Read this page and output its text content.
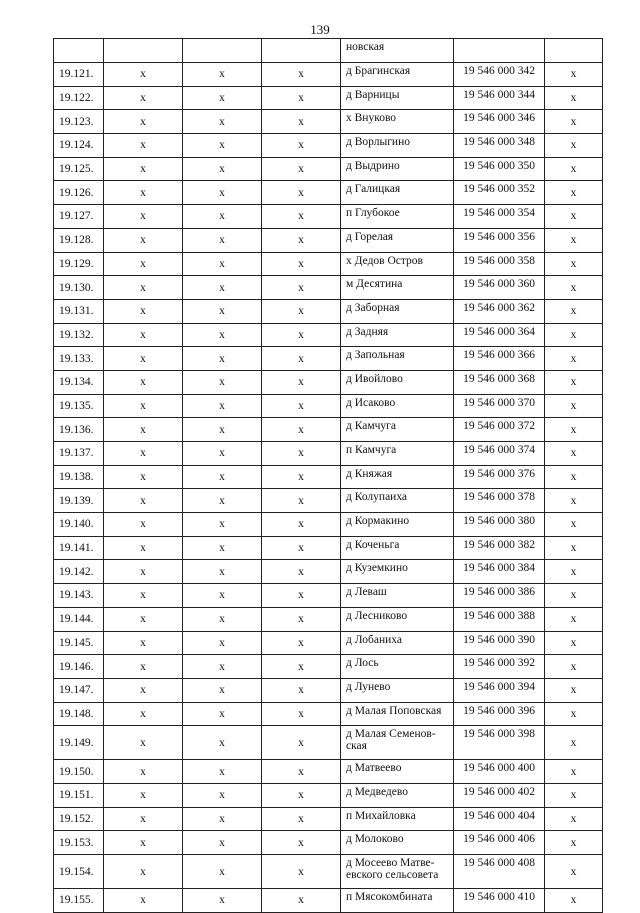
139
				новская		
19.121.	х	х	х	д Брагинская	19 546 000 342	х
19.122.	х	х	х	д Варницы	19 546 000 344	х
19.123.	х	х	х	х Внуково	19 546 000 346	х
19.124.	х	х	х	д Ворлыгино	19 546 000 348	х
19.125.	х	х	х	д Выдрино	19 546 000 350	х
19.126.	х	х	х	д Галицкая	19 546 000 352	х
19.127.	х	х	х	п Глубокое	19 546 000 354	х
19.128.	х	х	х	д Горелая	19 546 000 356	х
19.129.	х	х	х	х Дедов Остров	19 546 000 358	х
19.130.	х	х	х	м Десятина	19 546 000 360	х
19.131.	х	х	х	д Заборная	19 546 000 362	х
19.132.	х	х	х	д Задняя	19 546 000 364	х
19.133.	х	х	х	д Запольная	19 546 000 366	х
19.134.	х	х	х	д Ивойлово	19 546 000 368	х
19.135.	х	х	х	д Исаково	19 546 000 370	х
19.136.	х	х	х	д Камчуга	19 546 000 372	х
19.137.	х	х	х	п Камчуга	19 546 000 374	х
19.138.	х	х	х	д Княжая	19 546 000 376	х
19.139.	х	х	х	д Колупаиха	19 546 000 378	х
19.140.	х	х	х	д Кормакино	19 546 000 380	х
19.141.	х	х	х	д Коченьга	19 546 000 382	х
19.142.	х	х	х	д Куземкино	19 546 000 384	х
19.143.	х	х	х	д Леваш	19 546 000 386	х
19.144.	х	х	х	д Лесниково	19 546 000 388	х
19.145.	х	х	х	д Лобаниха	19 546 000 390	х
19.146.	х	х	х	д Лось	19 546 000 392	х
19.147.	х	х	х	д Лунево	19 546 000 394	х
19.148.	х	х	х	д Малая Поповская	19 546 000 396	х
19.149.	х	х	х	д Малая Семенов-ская	19 546 000 398	х
19.150.	х	х	х	д Матвеево	19 546 000 400	х
19.151.	х	х	х	д Медведево	19 546 000 402	х
19.152.	х	х	х	п Михайловка	19 546 000 404	х
19.153.	х	х	х	д Молоково	19 546 000 406	х
19.154.	х	х	х	д Мосеево Матве-евского сельсовета	19 546 000 408	х
19.155.	х	х	х	п Мясокомбината	19 546 000 410	х
